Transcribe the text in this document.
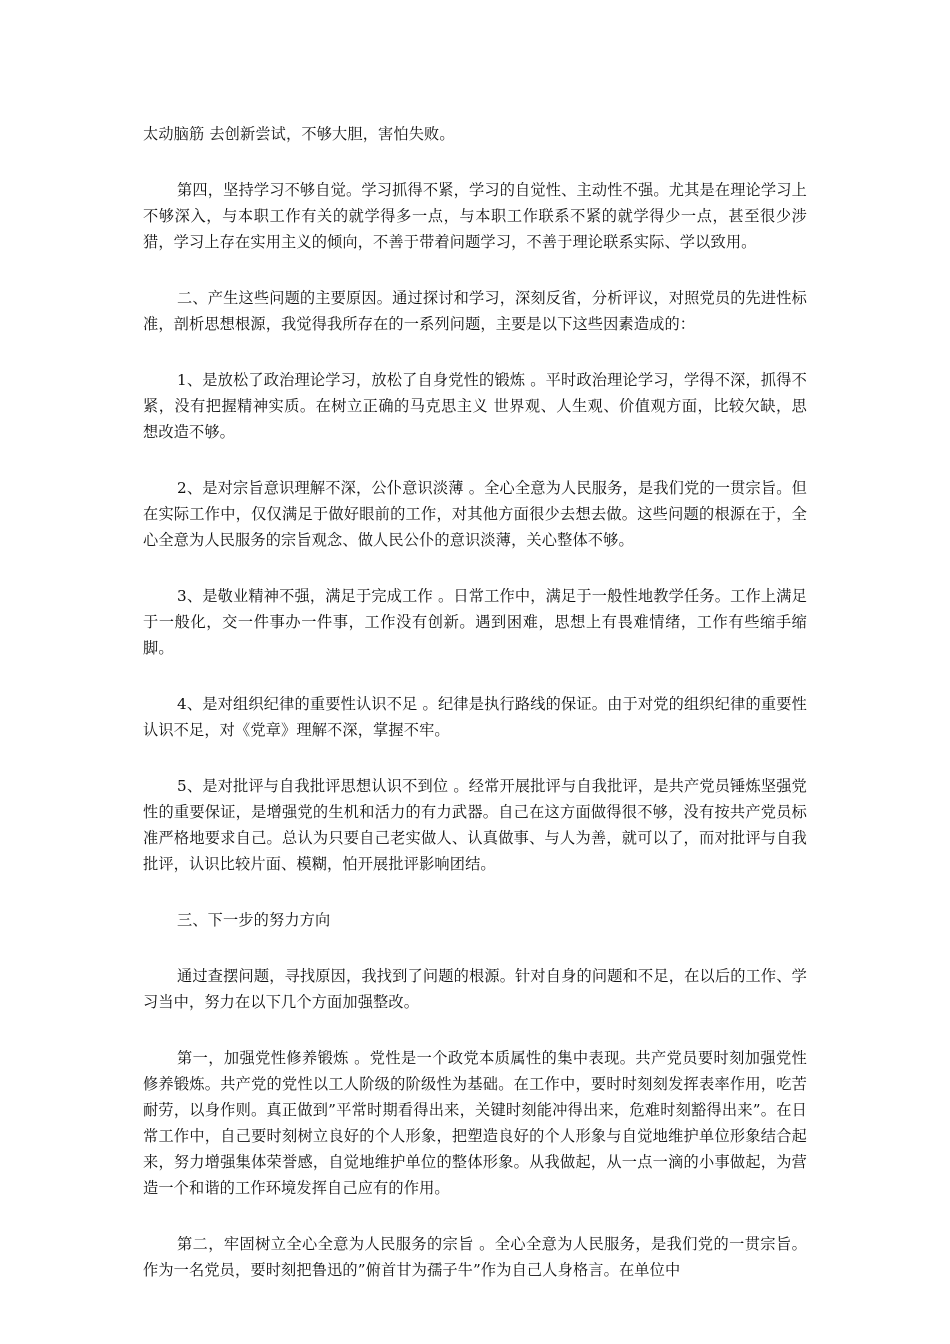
太动脑筋 去创新尝试，不够大胆，害怕失败。

第四，坚持学习不够自觉。学习抓得不紧，学习的自觉性、主动性不强。尤其是在理论学习上不够深入，与本职工作有关的就学得多一点，与本职工作联系不紧的就学得少一点，甚至很少涉猎，学习上存在实用主义的倾向，不善于带着问题学习，不善于理论联系实际、学以致用。

二、产生这些问题的主要原因。通过探讨和学习，深刻反省，分析评议，对照党员的先进性标准，剖析思想根源，我觉得我所存在的一系列问题，主要是以下这些因素造成的：

1、是放松了政治理论学习，放松了自身党性的锻炼 。平时政治理论学习，学得不深，抓得不紧，没有把握精神实质。在树立正确的马克思主义 世界观、人生观、价值观方面，比较欠缺，思想改造不够。

2、是对宗旨意识理解不深，公仆意识淡薄 。全心全意为人民服务，是我们党的一贯宗旨。但在实际工作中，仅仅满足于做好眼前的工作，对其他方面很少去想去做。这些问题的根源在于，全心全意为人民服务的宗旨观念、做人民公仆的意识淡薄，关心整体不够。

3、是敬业精神不强，满足于完成工作 。日常工作中，满足于一般性地教学任务。工作上满足于一般化，交一件事办一件事，工作没有创新。遇到困难，思想上有畏难情绪，工作有些缩手缩脚。

4、是对组织纪律的重要性认识不足 。纪律是执行路线的保证。由于对党的组织纪律的重要性认识不足，对《党章》理解不深，掌握不牢。

5、是对批评与自我批评思想认识不到位 。经常开展批评与自我批评，是共产党员锤炼坚强党性的重要保证，是增强党的生机和活力的有力武器。自己在这方面做得很不够，没有按共产党员标准严格地要求自己。总认为只要自己老实做人、认真做事、与人为善，就可以了，而对批评与自我批评，认识比较片面、模糊，怕开展批评影响团结。

三、下一步的努力方向

通过查摆问题，寻找原因，我找到了问题的根源。针对自身的问题和不足，在以后的工作、学习当中，努力在以下几个方面加强整改。

第一，加强党性修养锻炼 。党性是一个政党本质属性的集中表现。共产党员要时刻加强党性修养锻炼。共产党的党性以工人阶级的阶级性为基础。在工作中，要时时刻刻发挥表率作用，吃苦耐劳，以身作则。真正做到”平常时期看得出来，关键时刻能冲得出来，危难时刻豁得出来”。在日常工作中，自己要时刻树立良好的个人形象，把塑造良好的个人形象与自觉地维护单位形象结合起来，努力增强集体荣誉感，自觉地维护单位的整体形象。从我做起，从一点一滴的小事做起，为营造一个和谐的工作环境发挥自己应有的作用。

第二，牢固树立全心全意为人民服务的宗旨 。全心全意为人民服务，是我们党的一贯宗旨。作为一名党员，要时刻把鲁迅的”俯首甘为孺子牛”作为自己人身格言。在单位中
